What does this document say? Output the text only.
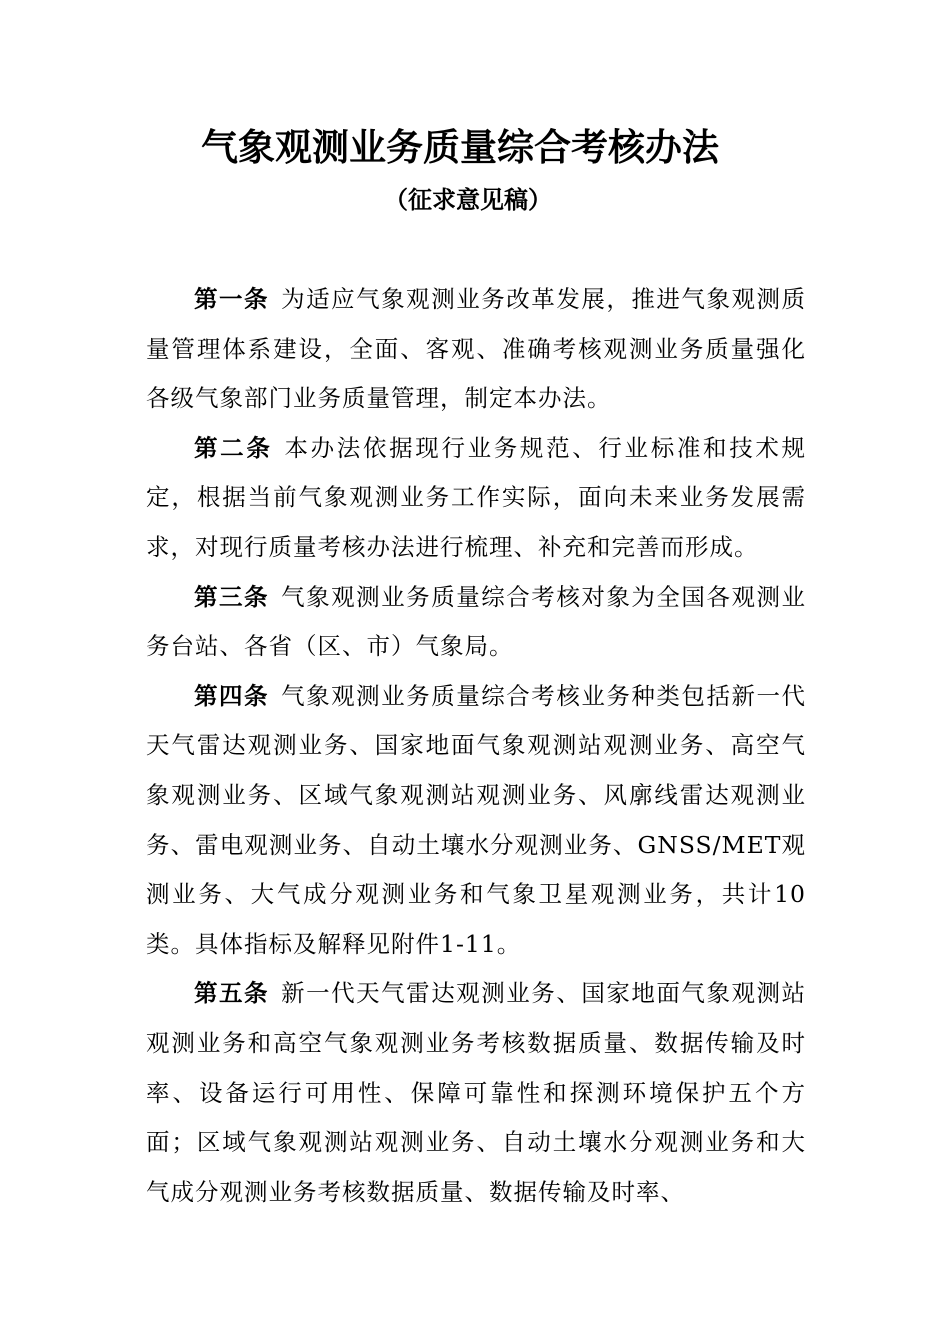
气象观测业务质量综合考核办法
（征求意见稿）

第一条 为适应气象观测业务改革发展，推进气象观测质量管理体系建设，全面、客观、准确考核观测业务质量强化各级气象部门业务质量管理，制定本办法。

第二条 本办法依据现行业务规范、行业标准和技术规定，根据当前气象观测业务工作实际，面向未来业务发展需求，对现行质量考核办法进行梳理、补充和完善而形成。

第三条 气象观测业务质量综合考核对象为全国各观测业务台站、各省（区、市）气象局。

第四条 气象观测业务质量综合考核业务种类包括新一代天气雷达观测业务、国家地面气象观测站观测业务、高空气象观测业务、区域气象观测站观测业务、风廓线雷达观测业务、雷电观测业务、自动土壤水分观测业务、GNSS/MET观测业务、大气成分观测业务和气象卫星观测业务，共计10类。具体指标及解释见附件1-11。

第五条 新一代天气雷达观测业务、国家地面气象观测站观测业务和高空气象观测业务考核数据质量、数据传输及时率、设备运行可用性、保障可靠性和探测环境保护五个方面；区域气象观测站观测业务、自动土壤水分观测业务和大气成分观测业务考核数据质量、数据传输及时率、
